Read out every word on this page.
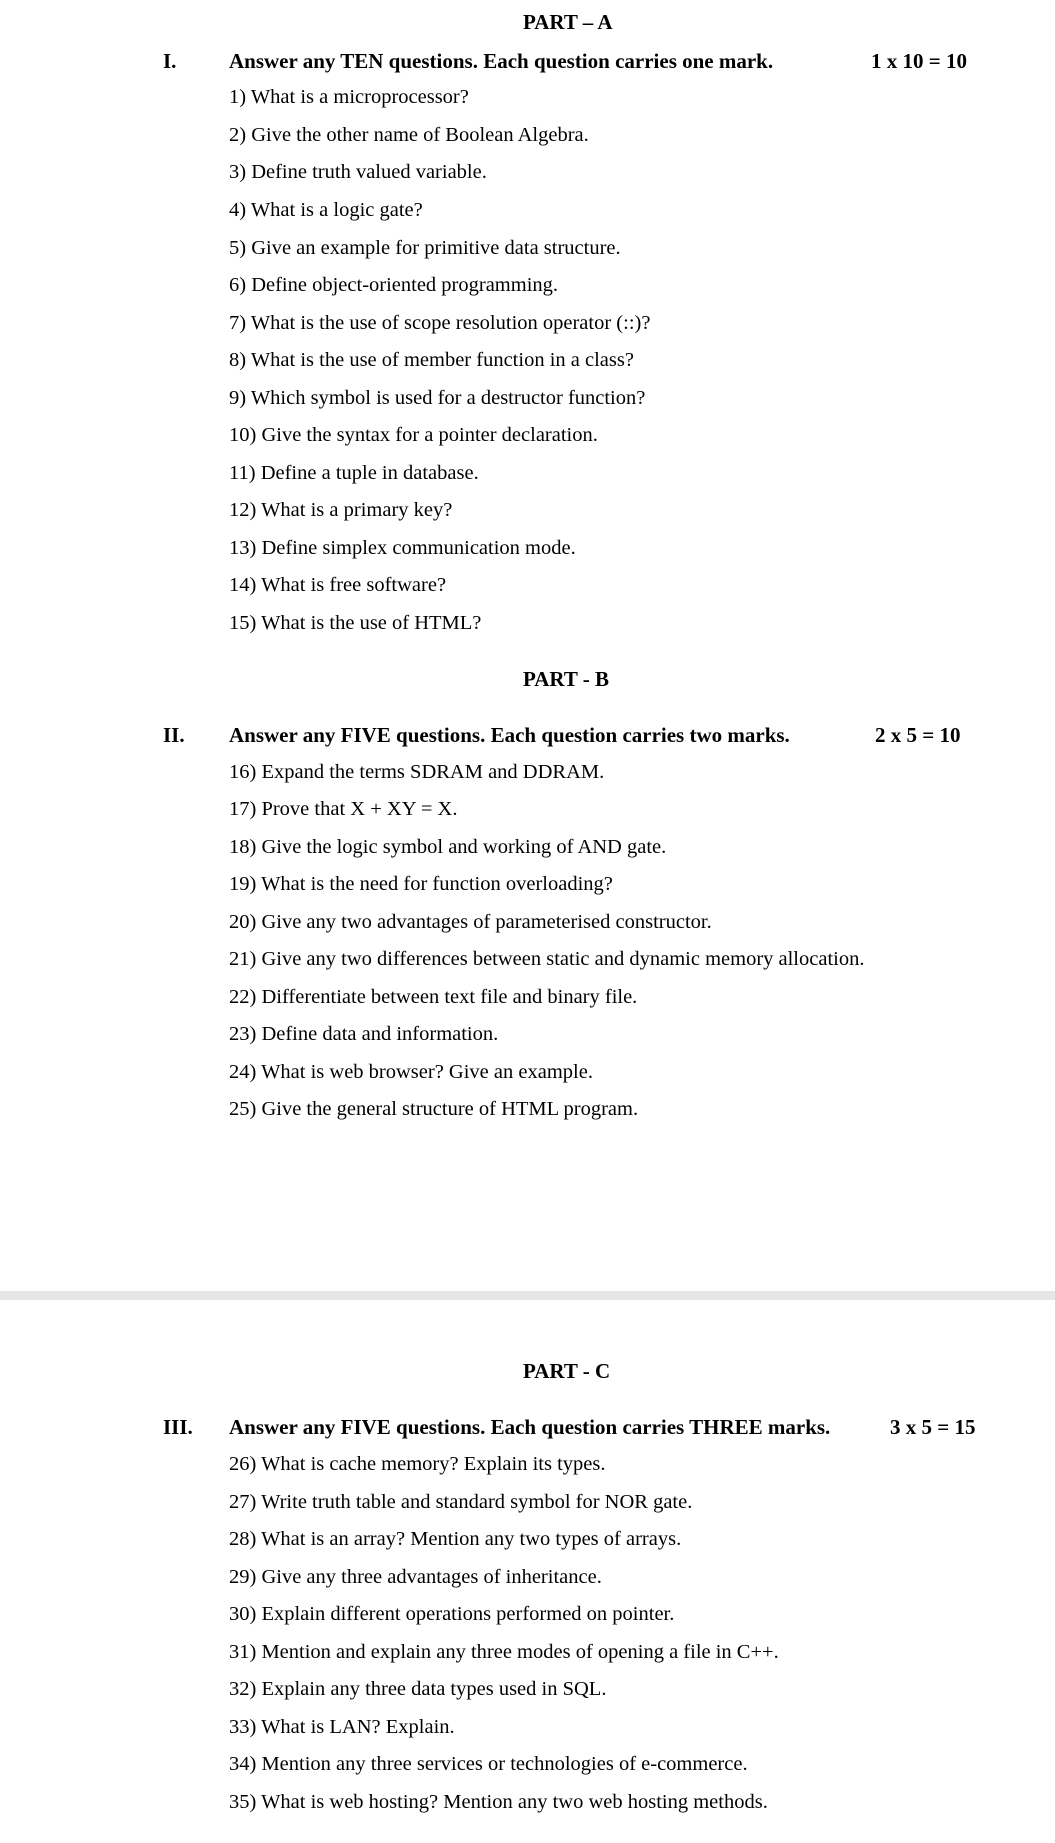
PART – A
I.	Answer any TEN questions. Each question carries one mark.	1 x 10 = 10
1) What is a microprocessor?
2) Give the other name of Boolean Algebra.
3) Define truth valued variable.
4) What is a logic gate?
5) Give an example for primitive data structure.
6) Define object-oriented programming.
7) What is the use of scope resolution operator (::)?
8) What is the use of member function in a class?
9) Which symbol is used for a destructor function?
10) Give the syntax for a pointer declaration.
11) Define a tuple in database.
12) What is a primary key?
13) Define simplex communication mode.
14) What is free software?
15) What is the use of HTML?
PART - B
II. Answer any FIVE questions. Each question carries two marks.	2 x 5 = 10
16) Expand the terms SDRAM and DDRAM.
17) Prove that X + XY = X.
18) Give the logic symbol and working of AND gate.
19) What is the need for function overloading?
20) Give any two advantages of parameterised constructor.
21) Give any two differences between static and dynamic memory allocation.
22) Differentiate between text file and binary file.
23) Define data and information.
24) What is web browser? Give an example.
25) Give the general structure of HTML program.
PART - C
III. Answer any FIVE questions. Each question carries THREE marks.	3 x 5 = 15
26) What is cache memory? Explain its types.
27) Write truth table and standard symbol for NOR gate.
28) What is an array? Mention any two types of arrays.
29) Give any three advantages of inheritance.
30) Explain different operations performed on pointer.
31) Mention and explain any three modes of opening a file in C++.
32) Explain any three data types used in SQL.
33) What is LAN? Explain.
34) Mention any three services or technologies of e-commerce.
35) What is web hosting? Mention any two web hosting methods.
